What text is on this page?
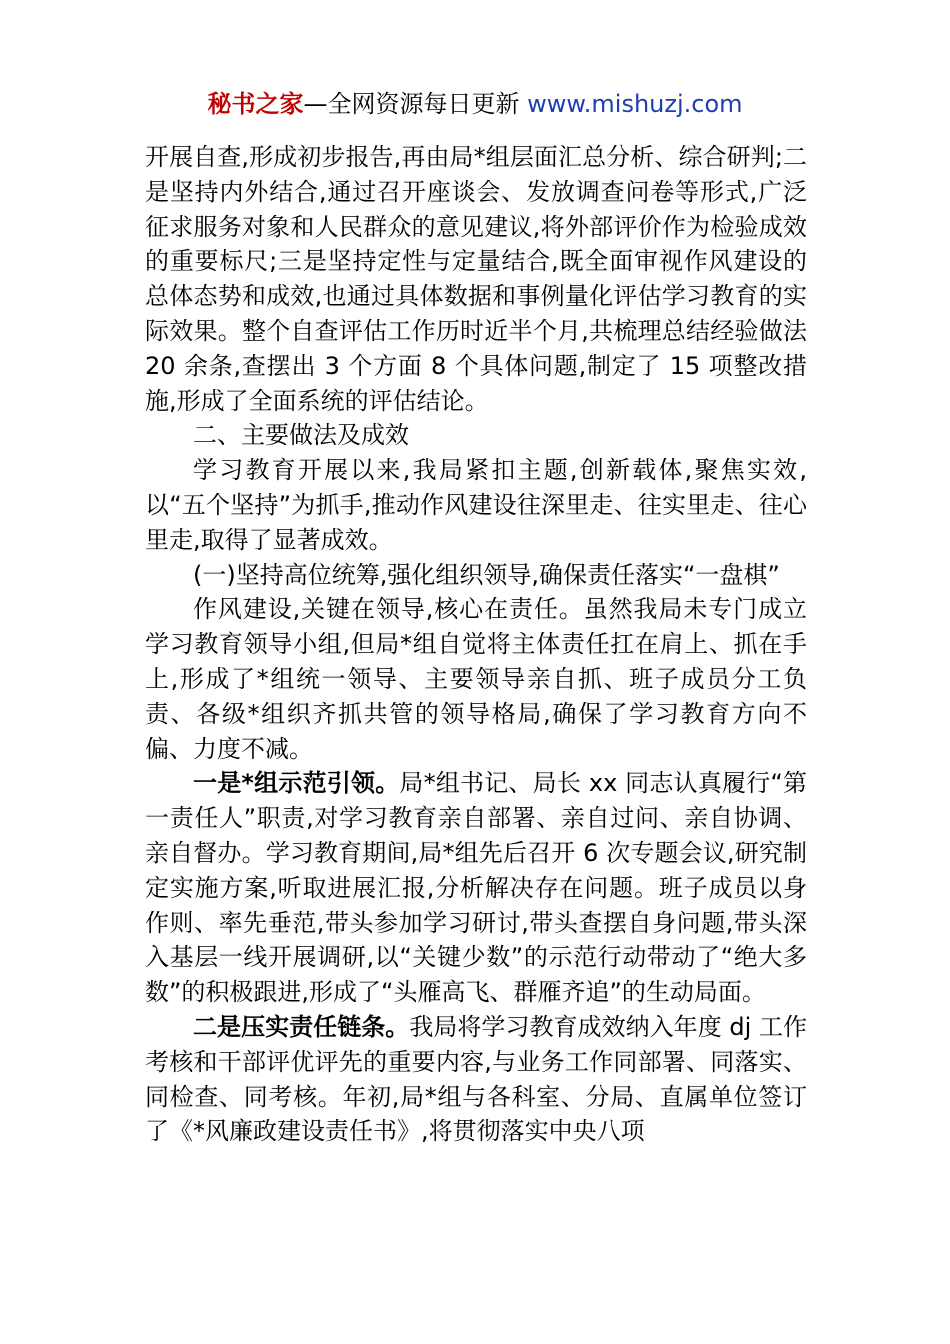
秘书之家—全网资源每日更新 www.mishuzj.com

开展自查,形成初步报告,再由局*组层面汇总分析、综合研判;二是坚持内外结合,通过召开座谈会、发放调查问卷等形式,广泛征求服务对象和人民群众的意见建议,将外部评价作为检验成效的重要标尺;三是坚持定性与定量结合,既全面审视作风建设的总体态势和成效,也通过具体数据和事例量化评估学习教育的实际效果。整个自查评估工作历时近半个月,共梳理总结经验做法 20 余条,查摆出 3 个方面 8 个具体问题,制定了 15 项整改措施,形成了全面系统的评估结论。

二、主要做法及成效

学习教育开展以来,我局紧扣主题,创新载体,聚焦实效,以“五个坚持”为抓手,推动作风建设往深里走、往实里走、往心里走,取得了显著成效。

(一)坚持高位统筹,强化组织领导,确保责任落实“一盘棋”

作风建设,关键在领导,核心在责任。虽然我局未专门成立学习教育领导小组,但局*组自觉将主体责任扛在肩上、抓在手上,形成了*组统一领导、主要领导亲自抓、班子成员分工负责、各级*组织齐抓共管的领导格局,确保了学习教育方向不偏、力度不减。

一是*组示范引领。局*组书记、局长 xx 同志认真履行“第一责任人”职责,对学习教育亲自部署、亲自过问、亲自协调、亲自督办。学习教育期间,局*组先后召开 6 次专题会议,研究制定实施方案,听取进展汇报,分析解决存在问题。班子成员以身作则、率先垂范,带头参加学习研讨,带头查摆自身问题,带头深入基层一线开展调研,以“关键少数”的示范行动带动了“绝大多数”的积极跟进,形成了“头雁高飞、群雁齐追”的生动局面。

二是压实责任链条。我局将学习教育成效纳入年度 dj 工作考核和干部评优评先的重要内容,与业务工作同部署、同落实、同检查、同考核。年初,局*组与各科室、分局、直属单位签订了《*风廉政建设责任书》,将贯彻落实中央八项
